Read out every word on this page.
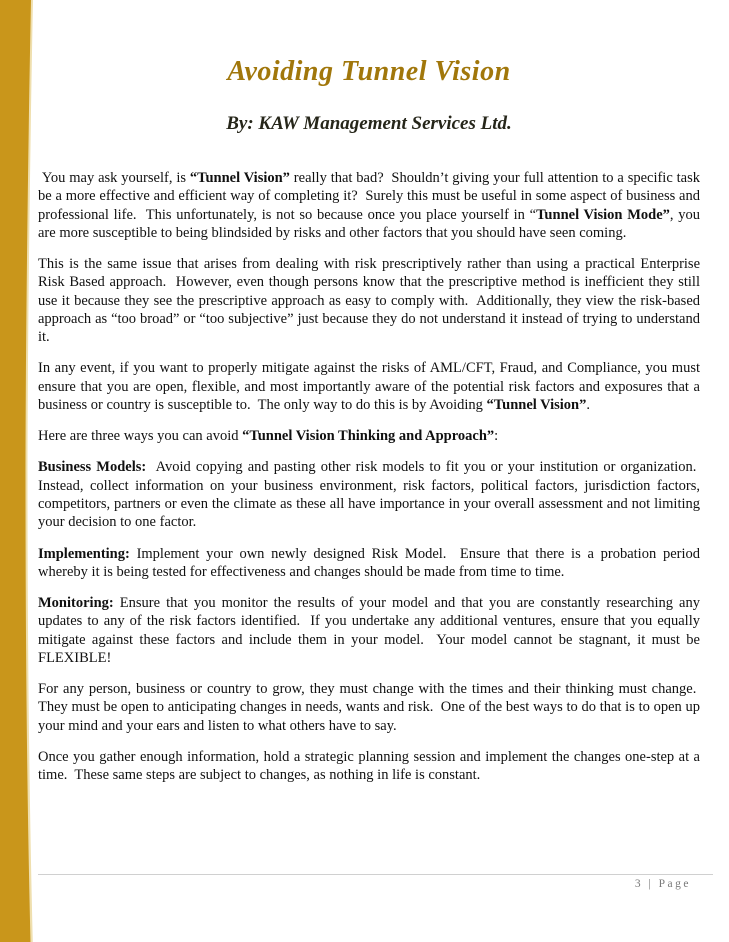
Avoiding Tunnel Vision
By: KAW Management Services Ltd.

You may ask yourself, is “Tunnel Vision” really that bad?  Shouldn’t giving your full attention to a specific task be a more effective and efficient way of completing it?  Surely this must be useful in some aspect of business and professional life.  This unfortunately, is not so because once you place yourself in “Tunnel Vision Mode”, you are more susceptible to being blindsided by risks and other factors that you should have seen coming.

This is the same issue that arises from dealing with risk prescriptively rather than using a practical Enterprise Risk Based approach.  However, even though persons know that the prescriptive method is inefficient they still use it because they see the prescriptive approach as easy to comply with.  Additionally, they view the risk-based approach as “too broad” or “too subjective” just because they do not understand it instead of trying to understand it.

In any event, if you want to properly mitigate against the risks of AML/CFT, Fraud, and Compliance, you must ensure that you are open, flexible, and most importantly aware of the potential risk factors and exposures that a business or country is susceptible to.  The only way to do this is by Avoiding “Tunnel Vision”.

Here are three ways you can avoid “Tunnel Vision Thinking and Approach”:

Business Models:  Avoid copying and pasting other risk models to fit you or your institution or organization.  Instead, collect information on your business environment, risk factors, political factors, jurisdiction factors, competitors, partners or even the climate as these all have importance in your overall assessment and not limiting your decision to one factor.

Implementing: Implement your own newly designed Risk Model.  Ensure that there is a probation period whereby it is being tested for effectiveness and changes should be made from time to time.

Monitoring: Ensure that you monitor the results of your model and that you are constantly researching any updates to any of the risk factors identified.  If you undertake any additional ventures, ensure that you equally mitigate against these factors and include them in your model.  Your model cannot be stagnant, it must be FLEXIBLE!

For any person, business or country to grow, they must change with the times and their thinking must change.  They must be open to anticipating changes in needs, wants and risk.  One of the best ways to do that is to open up your mind and your ears and listen to what others have to say.

Once you gather enough information, hold a strategic planning session and implement the changes one-step at a time.  These same steps are subject to changes, as nothing in life is constant.

3 | Page
